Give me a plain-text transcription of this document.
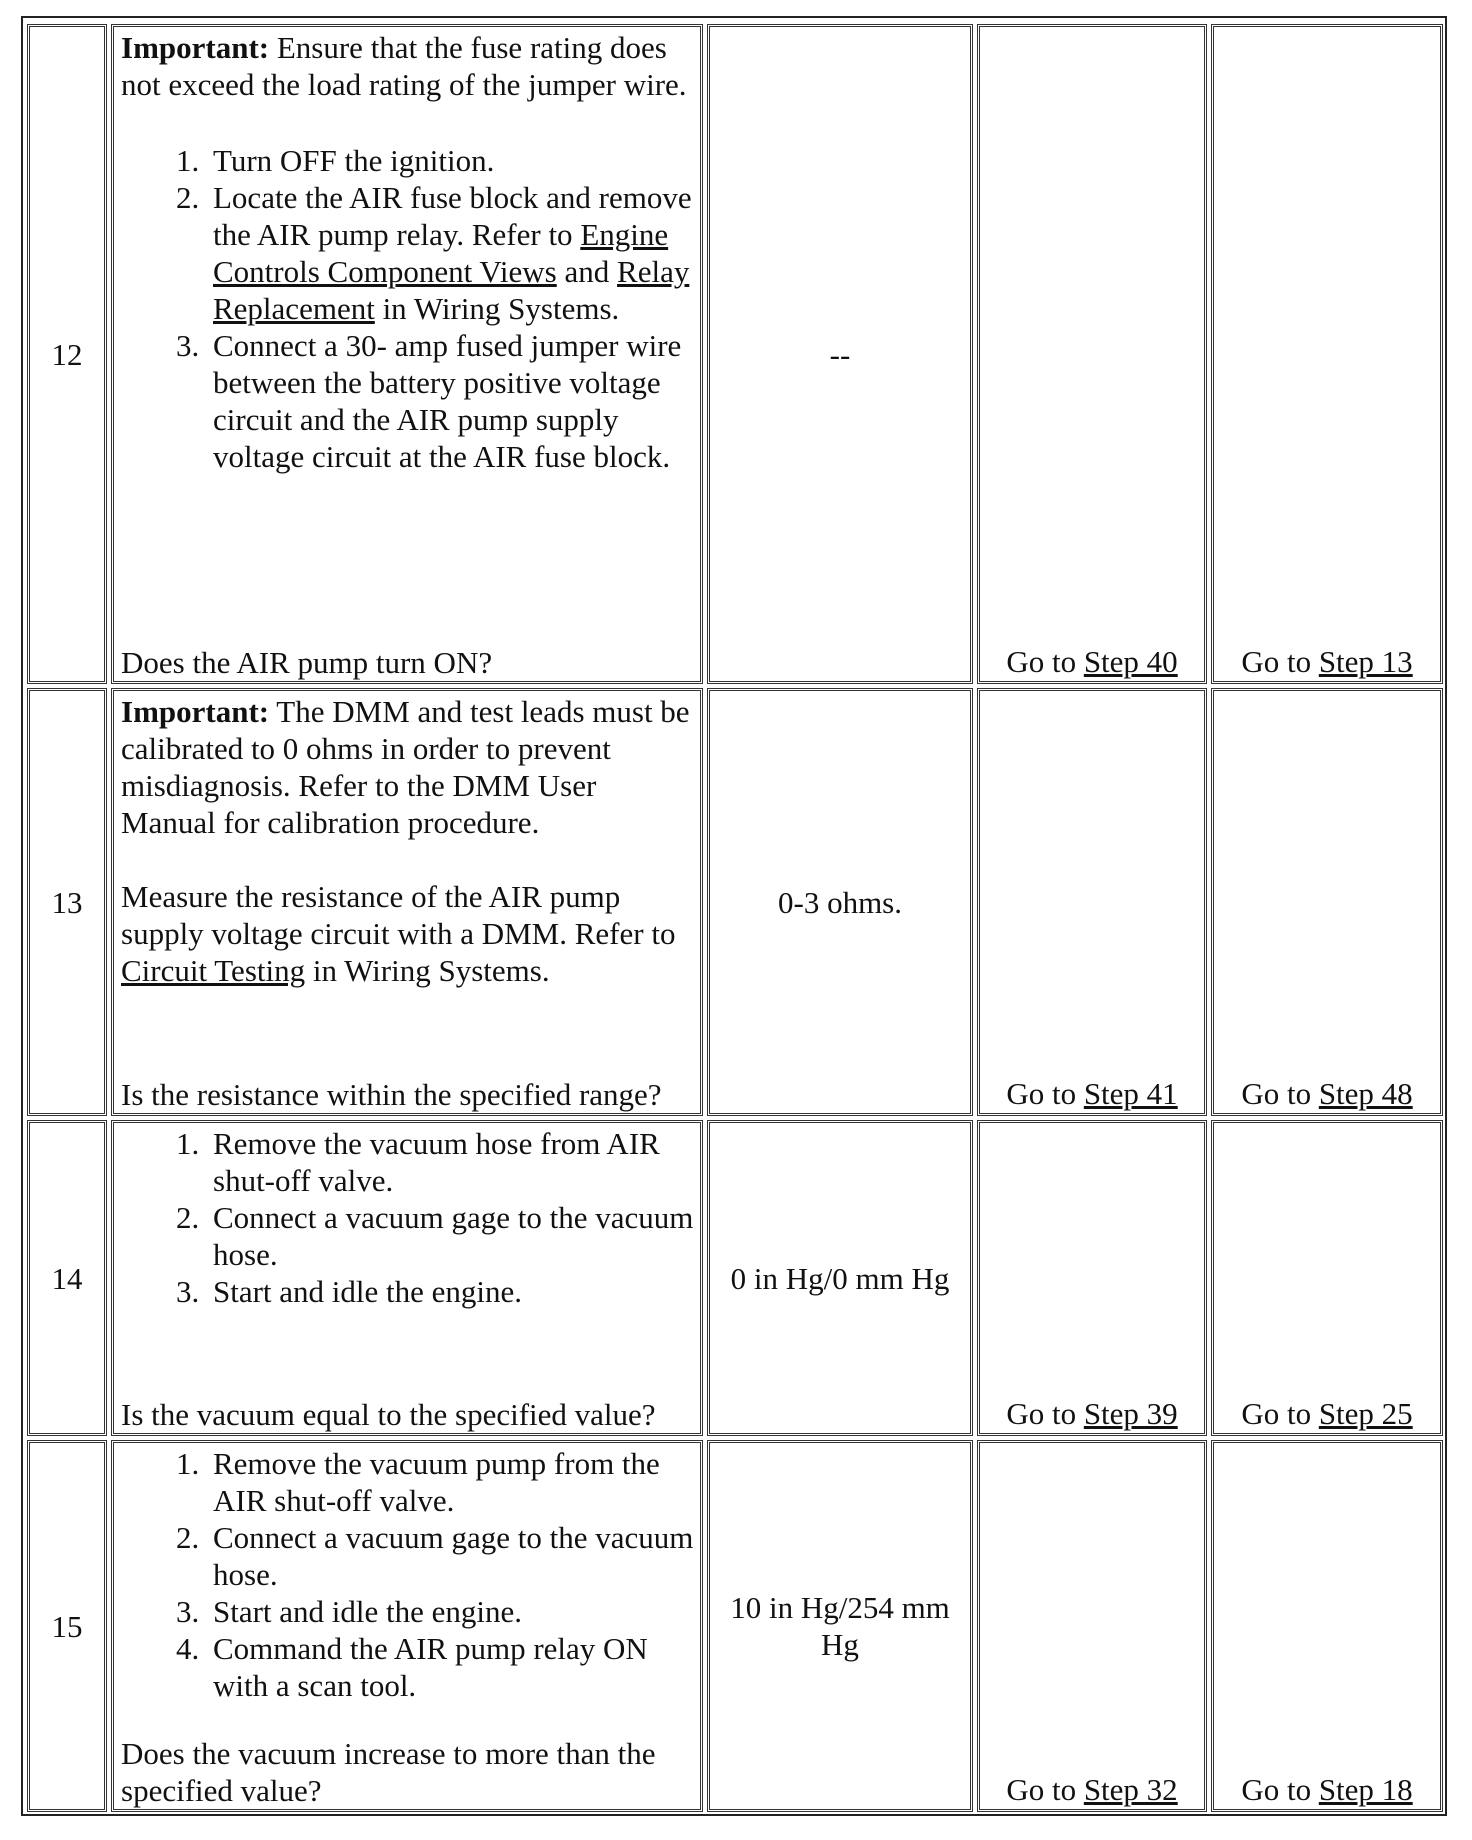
12

Important: Ensure that the fuse rating does not exceed the load rating of the jumper wire.

1. Turn OFF the ignition.
2. Locate the AIR fuse block and remove the AIR pump relay. Refer to Engine Controls Component Views and Relay Replacement in Wiring Systems.
3. Connect a 30- amp fused jumper wire between the battery positive voltage circuit and the AIR pump supply voltage circuit at the AIR fuse block.

Does the AIR pump turn ON?

--
Go to Step 40 Go to Step 13
13

Important: The DMM and test leads must be calibrated to 0 ohms in order to prevent misdiagnosis. Refer to the DMM User Manual for calibration procedure.

Measure the resistance of the AIR pump supply voltage circuit with a DMM. Refer to Circuit Testing in Wiring Systems.

Is the resistance within the specified range?

0-3 ohms.
Go to Step 41 Go to Step 48
14
1. Remove the vacuum hose from AIR shut-off valve.
2. Connect a vacuum gage to the vacuum hose.
3. Start and idle the engine.

Is the vacuum equal to the specified value?

0 in Hg/0 mm Hg
Go to Step 39 Go to Step 25
15
1. Remove the vacuum pump from the AIR shut-off valve.
2. Connect a vacuum gage to the vacuum hose.
3. Start and idle the engine.
4. Command the AIR pump relay ON with a scan tool.

Does the vacuum increase to more than the specified value?

10 in Hg/254 mm Hg
Go to Step 32 Go to Step 18
